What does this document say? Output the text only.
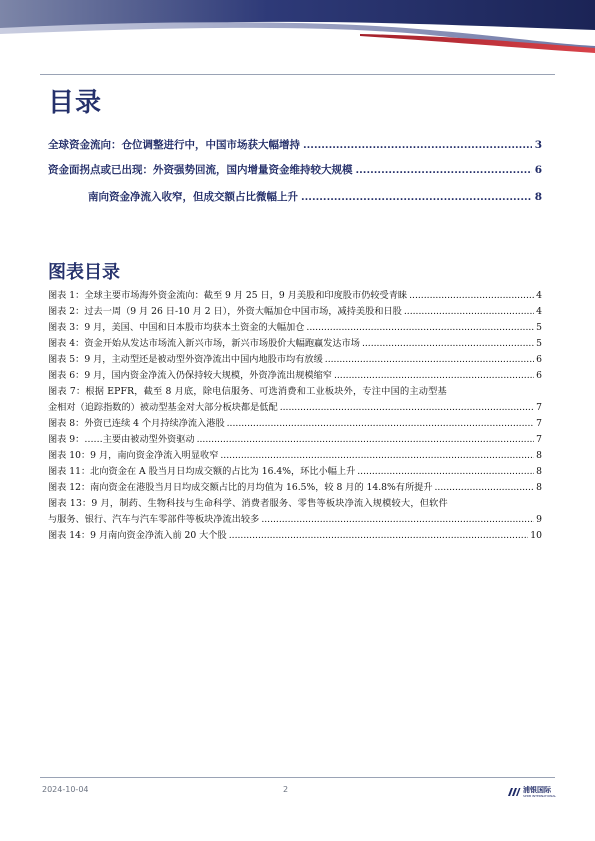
目录
全球资金流向：仓位调整进行中，中国市场获大幅增持 .....	3
资金面拐点或已出现：外资强势回流，国内增量资金维持较大规模 .....	6
南向资金净流入收窄，但成交额占比微幅上升 .....	8
图表目录
图表 1：全球主要市场海外资金流向：截至 9 月 25 日，9 月美股和印度股市仍较受青睐 .....	4
图表 2：过去一周（9 月 26 日-10 月 2 日），外资大幅加仓中国市场，减持美股和日股 .....	4
图表 3：9 月，美国、中国和日本股市均获本土资金的大幅加仓 .....	5
图表 4：资金开始从发达市场流入新兴市场，新兴市场股价大幅跑赢发达市场 .....	5
图表 5：9 月，主动型还是被动型外资净流出中国内地股市均有放缓 .....	6
图表 6：9 月，国内资金净流入仍保持较大规模，外资净流出规模缩窄 .....	6
图表 7：根据 EPFR，截至 8 月底，除电信服务、可选消费和工业板块外，专注中国的主动型基
金相对（追踪指数的）被动型基金对大部分板块都是低配 .....	7
图表 8：外资已连续 4 个月持续净流入港股 .....	7
图表 9：……主要由被动型外资驱动 .....	7
图表 10：9 月，南向资金净流入明显收窄 .....	8
图表 11：北向资金在 A 股当月日均成交额的占比为 16.4%，环比小幅上升 .....	8
图表 12：南向资金在港股当月日均成交额占比的月均值为 16.5%，较 8 月的 14.8%有所提升 .....	8
图表 13：9 月，制药、生物科技与生命科学、消费者服务、零售等板块净流入规模较大，但软件
与服务、银行、汽车与汽车零部件等板块净流出较多 .....	9
图表 14：9 月南向资金净流入前 20 大个股 .....	10
2024-10-04	2	浦银国际
SPDB INTERNATIONAL
